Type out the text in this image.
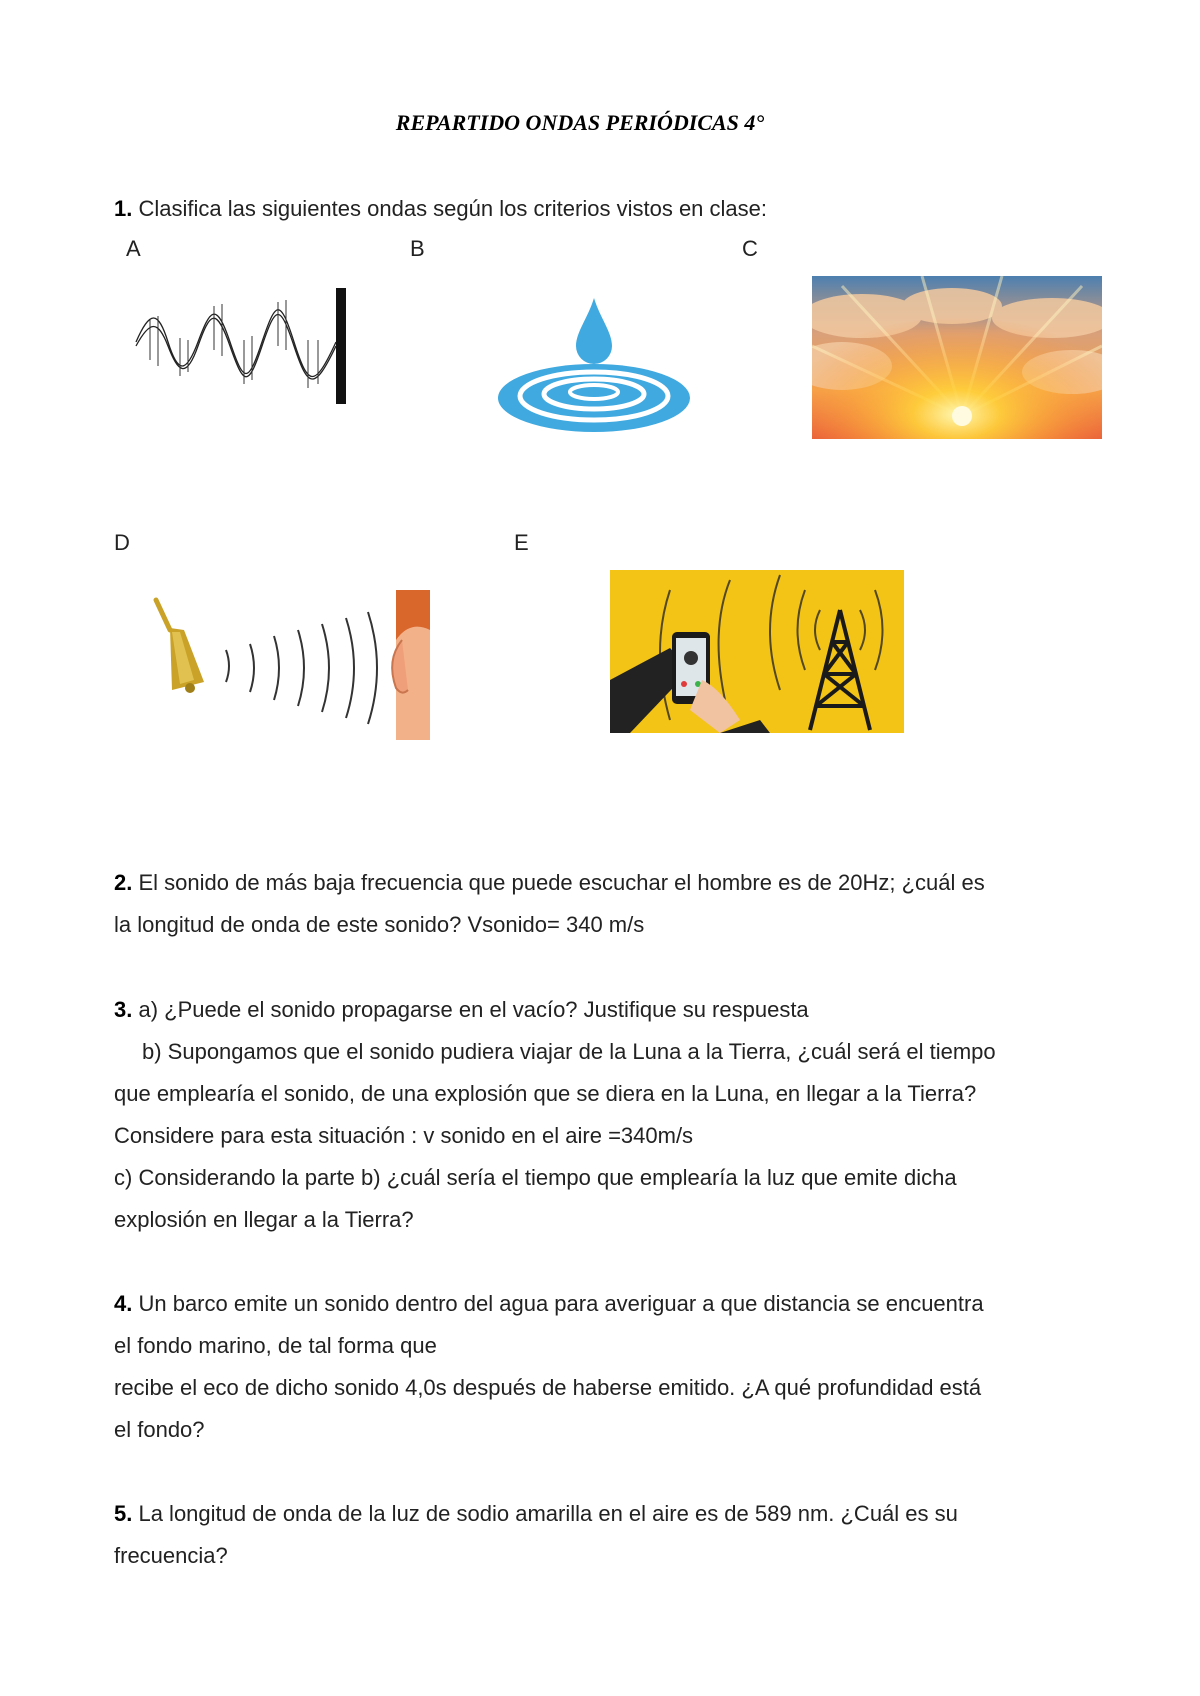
REPARTIDO ONDAS PERIÓDICAS 4°
1. Clasifica las siguientes ondas según los criterios vistos en clase:
A	B	C
D	E
2. El sonido de más baja frecuencia que puede escuchar el hombre es de 20Hz; ¿cuál es
la longitud de onda de este sonido? Vsonido= 340 m/s
3. a) ¿Puede el sonido propagarse en el vacío? Justifique su respuesta
b) Supongamos que el sonido pudiera viajar de la Luna a la Tierra, ¿cuál será el tiempo
que emplearía el sonido, de una explosión que se diera en la Luna, en llegar a la Tierra?
Considere para esta situación : v sonido en el aire =340m/s
c) Considerando la parte b) ¿cuál sería el tiempo que emplearía la luz que emite dicha
explosión en llegar a la Tierra?
4. Un barco emite un sonido dentro del agua para averiguar a que distancia se encuentra
el fondo marino, de tal forma que
recibe el eco de dicho sonido 4,0s después de haberse emitido. ¿A qué profundidad está
el fondo?
5. La longitud de onda de la luz de sodio amarilla en el aire es de 589 nm. ¿Cuál es su
frecuencia?
